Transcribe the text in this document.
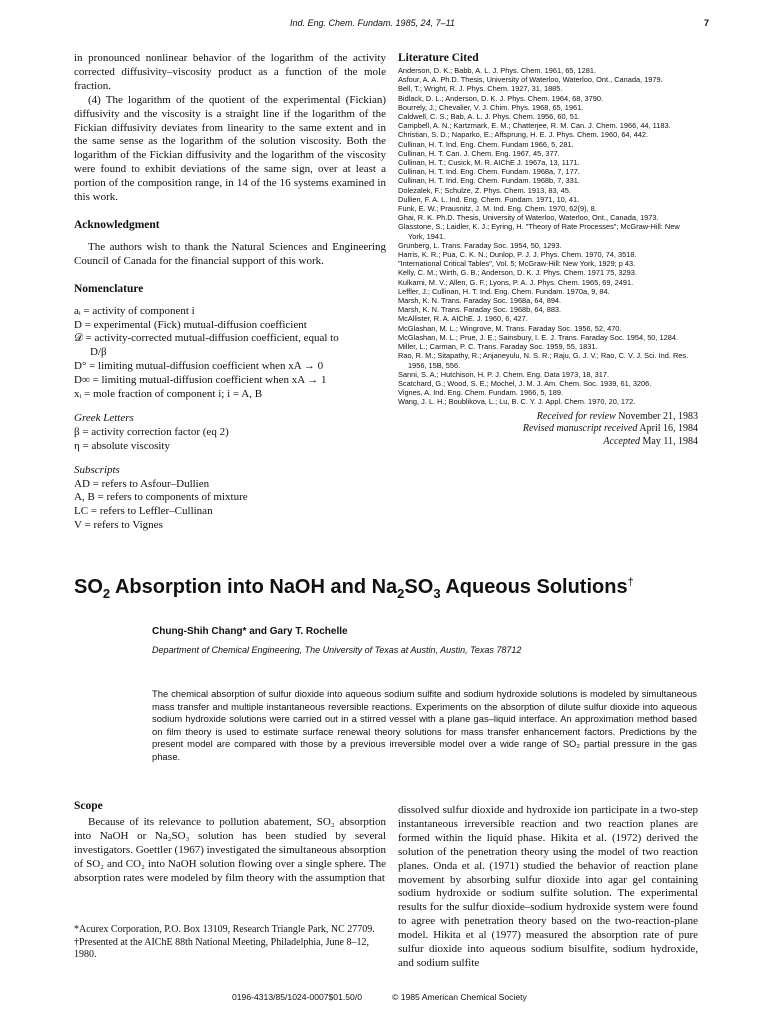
Ind. Eng. Chem. Fundam. 1985, 24, 7–11	7

in pronounced nonlinear behavior of the logarithm of the activity corrected diffusivity–viscosity product as a function of the mole fraction.

(4) The logarithm of the quotient of the experimental (Fickian) diffusivity and the viscosity is a straight line if the logarithm of the Fickian diffusivity deviates from linearity to the same extent and in the same sense as the logarithm of the solution viscosity. Both the logarithm of the Fickian diffusivity and the logarithm of the viscosity were found to exhibit deviations of the same sign, over at least a portion of the composition range, in 14 of the 16 systems examined in this work.

Acknowledgment

The authors wish to thank the Natural Sciences and Engineering Council of Canada for the financial support of this work.

Nomenclature
aᵢ = activity of component i
D = experimental (Fick) mutual-diffusion coefficient
𝒟 = activity-corrected mutual-diffusion coefficient, equal to
D/β
D° = limiting mutual-diffusion coefficient when xA → 0
D∞ = limiting mutual-diffusion coefficient when xA → 1
xᵢ = mole fraction of component i; i = A, B
Greek Letters
β = activity correction factor (eq 2)
η = absolute viscosity
Subscripts
AD = refers to Asfour–Dullien
A, B = refers to components of mixture
LC = refers to Leffler–Cullinan
V = refers to Vignes
Literature Cited
Anderson, D. K.; Babb, A. L. J. Phys. Chem. 1961, 65, 1281.
Asfour, A. A. Ph.D. Thesis, University of Waterloo, Waterloo, Ont., Canada, 1979.
Bell, T.; Wright, R. J. Phys. Chem. 1927, 31, 1885.
Bidlack, D. L.; Anderson, D. K. J. Phys. Chem. 1964, 68, 3790.
Bourrely, J.; Chevalier, V. J. Chim. Phys. 1968, 65, 1961.
Caldwell, C. S.; Bab, A. L. J. Phys. Chem. 1956, 60, 51.
Campbell, A. N.; Kartzmark, E. M.; Chatterjee, R. M. Can. J. Chem. 1966, 44, 1183.
Christian, S. D.; Naparko, E.; Affsprung, H. E. J. Phys. Chem. 1960, 64, 442.
Cullinan, H. T. Ind. Eng. Chem. Fundam 1966, 5, 281.
Cullinan, H. T. Can. J. Chem. Eng. 1967, 45, 377.
Cullinan, H. T.; Cusick, M. R. AIChE J. 1967a, 13, 1171.
Cullinan, H. T. Ind. Eng. Chem. Fundam. 1968a, 7, 177.
Cullinan, H. T. Ind. Eng. Chem. Fundam. 1968b, 7, 331.
Dolezalek, F.; Schulze, Z. Phys. Chem. 1913, 83, 45.
Dullien, F. A. L. Ind. Eng. Chem. Fundam. 1971, 10, 41.
Funk, E. W.; Prausnitz, J. M. Ind. Eng. Chem. 1970, 62(9), 8.
Ghai, R. K. Ph.D. Thesis, University of Waterloo, Waterloo, Ont., Canada, 1973.
Glasstone, S.; Laidler, K. J.; Eyring, H. "Theory of Rate Processes"; McGraw-Hill: New York, 1941.
Grunberg, L. Trans. Faraday Soc. 1954, 50, 1293.
Harris, K. R.; Pua, C. K. N.; Dunlop, P. J. J. Phys. Chem. 1970, 74, 3518.
"International Critical Tables", Vol. 5; McGraw-Hill: New York, 1929; p 43.
Kelly, C. M.; Wirth, G. B.; Anderson, D. K. J. Phys. Chem. 1971 75, 3293.
Kulkarni, M. V.; Allen, G. F.; Lyons, P. A. J. Phys. Chem. 1965, 69, 2491.
Leffler, J.; Cullinan, H. T. Ind. Eng. Chem. Fundam. 1970a, 9, 84.
Marsh, K. N. Trans. Faraday Soc. 1968a, 64, 894.
Marsh, K. N. Trans. Faraday Soc. 1968b, 64, 883.
McAllister, R. A. AIChE. J. 1960, 6, 427.
McGlashan, M. L.; Wingrove, M. Trans. Faraday Soc. 1956, 52, 470.
McGlashan, M. L.; Prue, J. E.; Sainsbury, I. E. J. Trans. Faraday Soc. 1954, 50, 1284.
Miller, L.; Carman, P. C. Trans. Faraday Soc. 1959, 55, 1831.
Rao, R. M.; Sitapathy, R.; Anjaneyulu, N. S. R.; Raju, G. J. V.; Rao, C. V. J. Sci. Ind. Res. 1956, 15B, 556.
Sanni, S. A.; Hutchison, H. P. J. Chem. Eng. Data 1973, 18, 317.
Scatchard, G.; Wood, S. E.; Mochel, J. M. J. Am. Chem. Soc. 1939, 61, 3206.
Vignes, A. Ind. Eng. Chem. Fundam. 1966, 5, 189.
Wang, J. L. H.; Boublikova, L.; Lu, B. C. Y. J. Appl. Chem. 1970, 20, 172.
Received for review November 21, 1983
Revised manuscript received April 16, 1984
Accepted May 11, 1984
$SO_2$ Absorption into NaOH and $Na_2SO_3$ Aqueous Solutions†
Chung-Shih Chang* and Gary T. Rochelle
Department of Chemical Engineering, The University of Texas at Austin, Austin, Texas 78712
The chemical absorption of sulfur dioxide into aqueous sodium sulfite and sodium hydroxide solutions is modeled by simultaneous mass transfer and multiple instantaneous reversible reactions. Experiments on the absorption of dilute sulfur dioxide into aqueous sodium hydroxide solutions were carried out in a stirred vessel with a plane gas–liquid interface. An approximation method based on film theory is used to estimate surface renewal theory solutions for mass transfer enhancement factors. Predictions by the present model are compared with those by a previous irreversible model over a wide range of SO₂ partial pressure in the gas phase.
Scope

Because of its relevance to pollution abatement, SO₂ absorption into NaOH or Na₂SO₃ solution has been studied by several investigators. Goettler (1967) investigated the simultaneous absorption of SO₂ and CO₂ into NaOH solution flowing over a single sphere. The absorption rates were modeled by film theory with the assumption that

*Acurex Corporation, P.O. Box 13109, Research Triangle Park, NC 27709.
†Presented at the AIChE 88th National Meeting, Philadelphia, June 8–12, 1980.

dissolved sulfur dioxide and hydroxide ion participate in a two-step instantaneous irreversible reaction and two reaction planes are formed within the liquid phase. Hikita et al. (1972) derived the solution of the penetration theory using the model of two reaction planes. Onda et al. (1971) studied the behavior of reaction plane movement by absorbing sulfur dioxide into agar gel containing sodium hydroxide or sodium sulfite solution. The experimental results for the sulfur dioxide–sodium hydroxide system were found to agree with penetration theory based on the two-reaction-plane model. Hikita et al (1977) measured the absorption rate of pure sulfur dioxide into aqueous sodium bisulfite, sodium hydroxide, and sodium sulfite

0196-4313/85/1024-0007$01.50/0	© 1985 American Chemical Society
